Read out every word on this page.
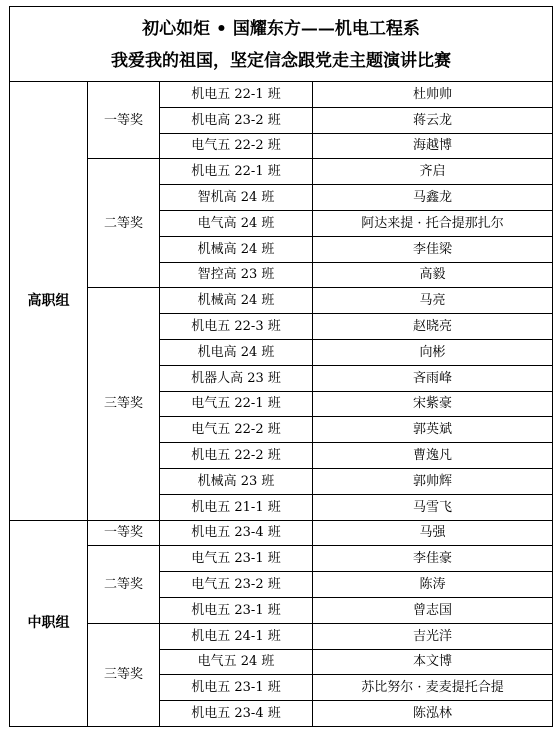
初心如炬 • 国耀东方——机电工程系
我爱我的祖国，坚定信念跟党走主题演讲比赛			

高职组	一等奖	机电五 22-1 班	杜帅帅
		机电高 23-2 班	蒋云龙
		电气五 22-2 班	海越博
	二等奖	机电五 22-1 班	齐启
		智机高 24 班	马鑫龙
		电气高 24 班	阿达来提 · 托合提那扎尔
		机械高 24 班	李佳梁
		智控高 23 班	高毅
	三等奖	机械高 24 班	马亮
		机电五 22-3 班	赵晓亮
		机电高 24 班	向彬
		机器人高 23 班	吝雨峰
		电气五 22-1 班	宋紫豪
		电气五 22-2 班	郭英斌
		机电五 22-2 班	曹逸凡
		机械高 23 班	郭帅辉
		机电五 21-1 班	马雪飞
中职组	一等奖	机电五 23-4 班	马强
	二等奖	电气五 23-1 班	李佳豪
		电气五 23-2 班	陈涛
		机电五 23-1 班	曾志国
	三等奖	机电五 24-1 班	吉光洋
		电气五 24 班	本文博
		机电五 23-1 班	苏比努尔 · 麦麦提托合提
		机电五 23-4 班	陈泓林
